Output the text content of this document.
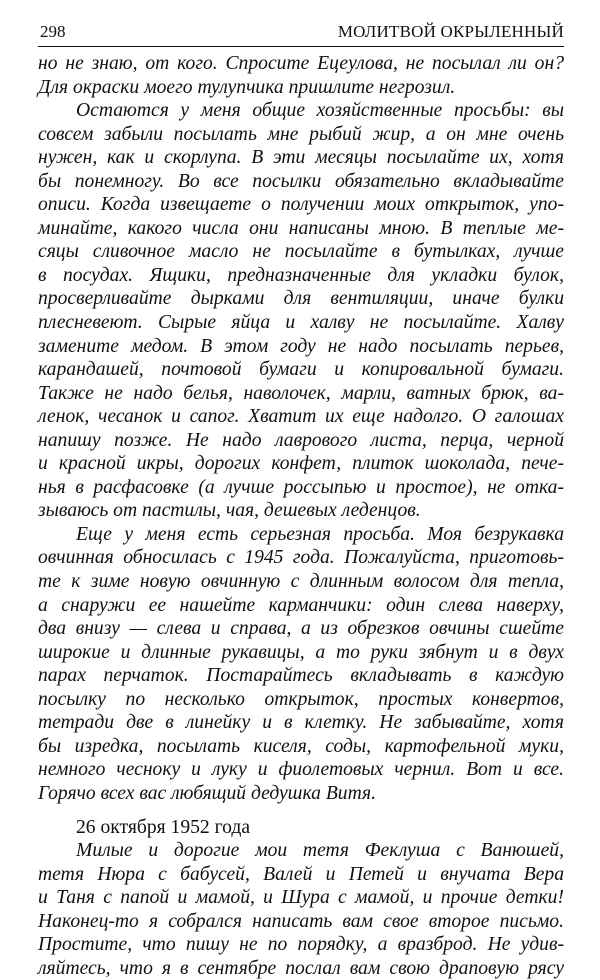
298	МОЛИТВОЙ ОКРЫЛЕННЫЙ
но не знаю, от кого. Спросите Ецеулова, не посылал ли он?
Для окраски моего тулупчика пришлите негрозил.
Остаются у меня общие хозяйственные просьбы: вы
совсем забыли посылать мне рыбий жир, а он мне очень
нужен, как и скорлупа. В эти месяцы посылайте их, хотя
бы понемногу. Во все посылки обязательно вкладывайте
описи. Когда извещаете о получении моих открыток, упо-
минайте, какого числа они написаны мною. В теплые ме-
сяцы сливочное масло не посылайте в бутылках, лучше
в посудах. Ящики, предназначенные для укладки булок,
просверливайте дырками для вентиляции, иначе булки
плесневеют. Сырые яйца и халву не посылайте. Халву
замените медом. В этом году не надо посылать перьев,
карандашей, почтовой бумаги и копировальной бумаги.
Также не надо белья, наволочек, марли, ватных брюк, ва-
ленок, чесанок и сапог. Хватит их еще надолго. О галошах
напишу позже. Не надо лаврового листа, перца, черной
и красной икры, дорогих конфет, плиток шоколада, пече-
нья в расфасовке (а лучше россыпью и простое), не отка-
зываюсь от пастилы, чая, дешевых леденцов.
Еще у меня есть серьезная просьба. Моя безрукавка
овчинная обносилась с 1945 года. Пожалуйста, приготовь-
те к зиме новую овчинную с длинным волосом для тепла,
а снаружи ее нашейте карманчики: один слева наверху,
два внизу — слева и справа, а из обрезков овчины сшейте
широкие и длинные рукавицы, а то руки зябнут и в двух
парах перчаток. Постарайтесь вкладывать в каждую
посылку по несколько открыток, простых конвертов,
тетради две в линейку и в клетку. Не забывайте, хотя
бы изредка, посылать киселя, соды, картофельной муки,
немного чесноку и луку и фиолетовых чернил. Вот и все.
Горячо всех вас любящий дедушка Витя.
26 октября 1952 года
Милые и дорогие мои тетя Феклуша с Ванюшей,
тетя Нюра с бабусей, Валей и Петей и внучата Вера
и Таня с папой и мамой, и Шура с мамой, и прочие детки!
Наконец-то я собрался написать вам свое второе письмо.
Простите, что пишу не по порядку, а вразброд. Не удив-
ляйтесь, что я в сентябре послал вам свою драповую рясу
